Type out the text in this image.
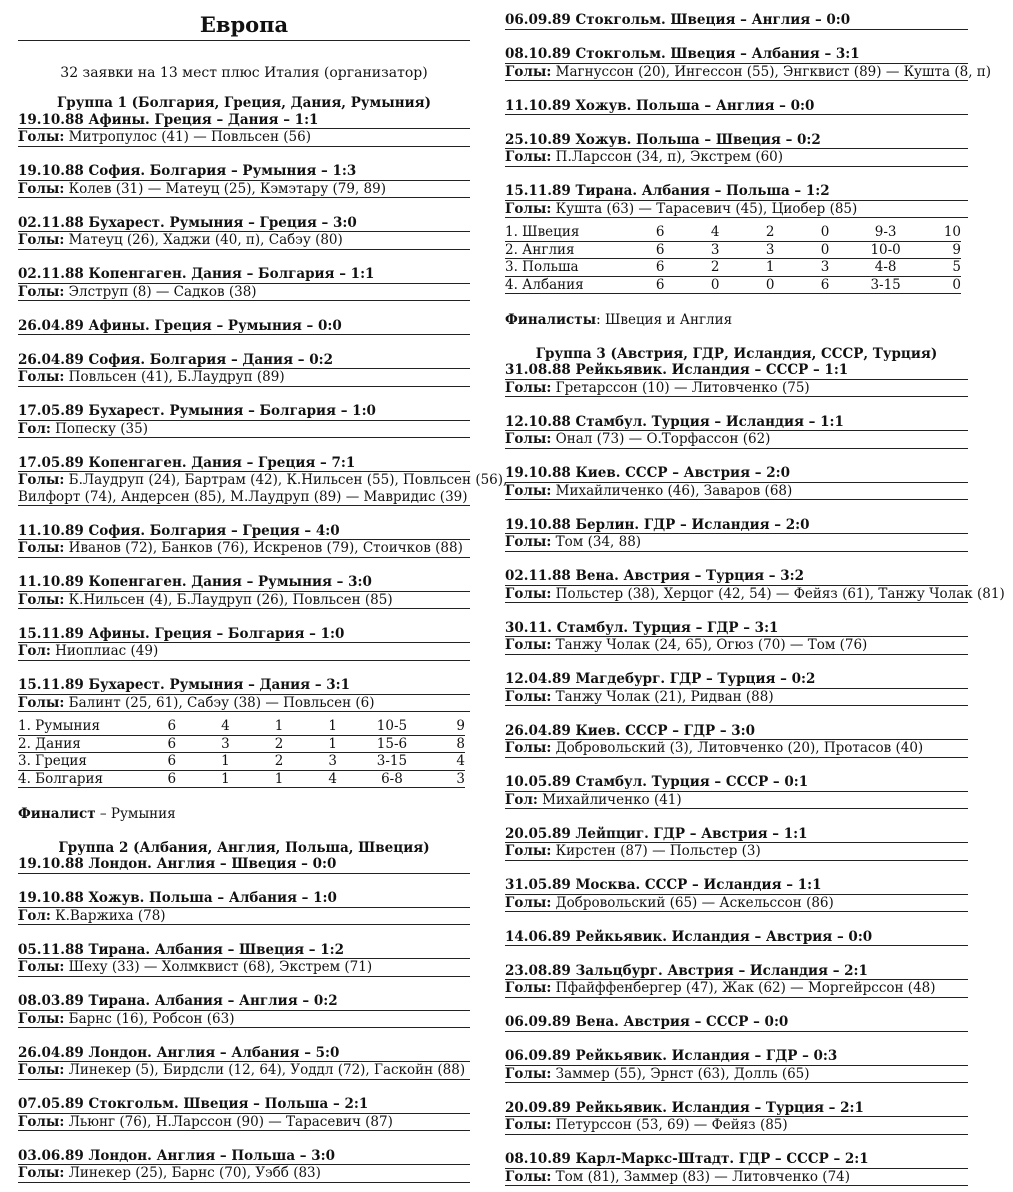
Европа
32 заявки на 13 мест плюс Италия (организатор)
Группа 1 (Болгария, Греция, Дания, Румыния)
19.10.88 Афины. Греция – Дания – 1:1
Голы: Митропулос (41) — Повльсен (56)
19.10.88 София. Болгария – Румыния – 1:3
Голы: Колев (31) — Матеуц (25), Кэмэтару (79, 89)
02.11.88 Бухарест. Румыния – Греция – 3:0
Голы: Матеуц (26), Хаджи (40, п), Сабэу (80)
02.11.88 Копенгаген. Дания – Болгария – 1:1
Голы: Элструп (8) — Садков (38)
26.04.89 Афины. Греция – Румыния – 0:0
26.04.89 София. Болгария – Дания – 0:2
Голы: Повльсен (41), Б.Лаудруп (89)
17.05.89 Бухарест. Румыния – Болгария – 1:0
Гол: Попеску (35)
17.05.89 Копенгаген. Дания – Греция – 7:1
Голы: Б.Лаудруп (24), Бартрам (42), К.Нильсен (55), Повльсен (56),
Вилфорт (74), Андерсен (85), М.Лаудруп (89) — Мавридис (39)
11.10.89 София. Болгария – Греция – 4:0
Голы: Иванов (72), Банков (76), Искренов (79), Стоичков (88)
11.10.89 Копенгаген. Дания – Румыния – 3:0
Голы: К.Нильсен (4), Б.Лаудруп (26), Повльсен (85)
15.11.89 Афины. Греция – Болгария – 1:0
Гол: Ниоплиас (49)
15.11.89 Бухарест. Румыния – Дания – 3:1
Голы: Балинт (25, 61), Сабэу (38) — Повльсен (6)
1. Румыния	6	4	1	1	10-5	9
2. Дания	6	3	2	1	15-6	8
3. Греция	6	1	2	3	3-15	4
4. Болгария	6	1	1	4	6-8	3
Финалист – Румыния
Группа 2 (Албания, Англия, Польша, Швеция)
19.10.88 Лондон. Англия – Швеция – 0:0
19.10.88 Хожув. Польша – Албания – 1:0
Гол: К.Варжиха (78)
05.11.88 Тирана. Албания – Швеция – 1:2
Голы: Шеху (33) — Холмквист (68), Экстрем (71)
08.03.89 Тирана. Албания – Англия – 0:2
Голы: Барнс (16), Робсон (63)
26.04.89 Лондон. Англия – Албания – 5:0
Голы: Линекер (5), Бирдсли (12, 64), Уоддл (72), Гаскойн (88)
07.05.89 Стокгольм. Швеция – Польша – 2:1
Голы: Льюнг (76), Н.Ларссон (90) — Тарасевич (87)
03.06.89 Лондон. Англия – Польша – 3:0
Голы: Линекер (25), Барнс (70), Уэбб (83)
06.09.89 Стокгольм. Швеция – Англия – 0:0
08.10.89 Стокгольм. Швеция – Албания – 3:1
Голы: Магнуссон (20), Ингессон (55), Энгквист (89) — Кушта (8, п)
11.10.89 Хожув. Польша – Англия – 0:0
25.10.89 Хожув. Польша – Швеция – 0:2
Голы: П.Ларссон (34, п), Экстрем (60)
15.11.89 Тирана. Албания – Польша – 1:2
Голы: Кушта (63) — Тарасевич (45), Циобер (85)
1. Швеция	6	4	2	0	9-3	10
2. Англия	6	3	3	0	10-0	9
3. Польша	6	2	1	3	4-8	5
4. Албания	6	0	0	6	3-15	0
Финалисты: Швеция и Англия
Группа 3 (Австрия, ГДР, Исландия, СССР, Турция)
31.08.88 Рейкьявик. Исландия – СССР – 1:1
Голы: Гретарссон (10) — Литовченко (75)
12.10.88 Стамбул. Турция – Исландия – 1:1
Голы: Онал (73) — О.Торфассон (62)
19.10.88 Киев. СССР – Австрия – 2:0
Голы: Михайличенко (46), Заваров (68)
19.10.88 Берлин. ГДР – Исландия – 2:0
Голы: Том (34, 88)
02.11.88 Вена. Австрия – Турция – 3:2
Голы: Польстер (38), Херцог (42, 54) — Фейяз (61), Танжу Чолак (81)
30.11. Стамбул. Турция – ГДР – 3:1
Голы: Танжу Чолак (24, 65), Огюз (70) — Том (76)
12.04.89 Магдебург. ГДР – Турция – 0:2
Голы: Танжу Чолак (21), Ридван (88)
26.04.89 Киев. СССР – ГДР – 3:0
Голы: Добровольский (3), Литовченко (20), Протасов (40)
10.05.89 Стамбул. Турция – СССР – 0:1
Гол: Михайличенко (41)
20.05.89 Лейпциг. ГДР – Австрия – 1:1
Голы: Кирстен (87) — Польстер (3)
31.05.89 Москва. СССР – Исландия – 1:1
Голы: Добровольский (65) — Аскельссон (86)
14.06.89 Рейкьявик. Исландия – Австрия – 0:0
23.08.89 Зальцбург. Австрия – Исландия – 2:1
Голы: Пфайффенбергер (47), Жак (62) — Моргейрссон (48)
06.09.89 Вена. Австрия – СССР – 0:0
06.09.89 Рейкьявик. Исландия – ГДР – 0:3
Голы: Заммер (55), Эрнст (63), Долль (65)
20.09.89 Рейкьявик. Исландия – Турция – 2:1
Голы: Петурссон (53, 69) — Фейяз (85)
08.10.89 Карл-Маркс-Штадт. ГДР – СССР – 2:1
Голы: Том (81), Заммер (83) — Литовченко (74)
